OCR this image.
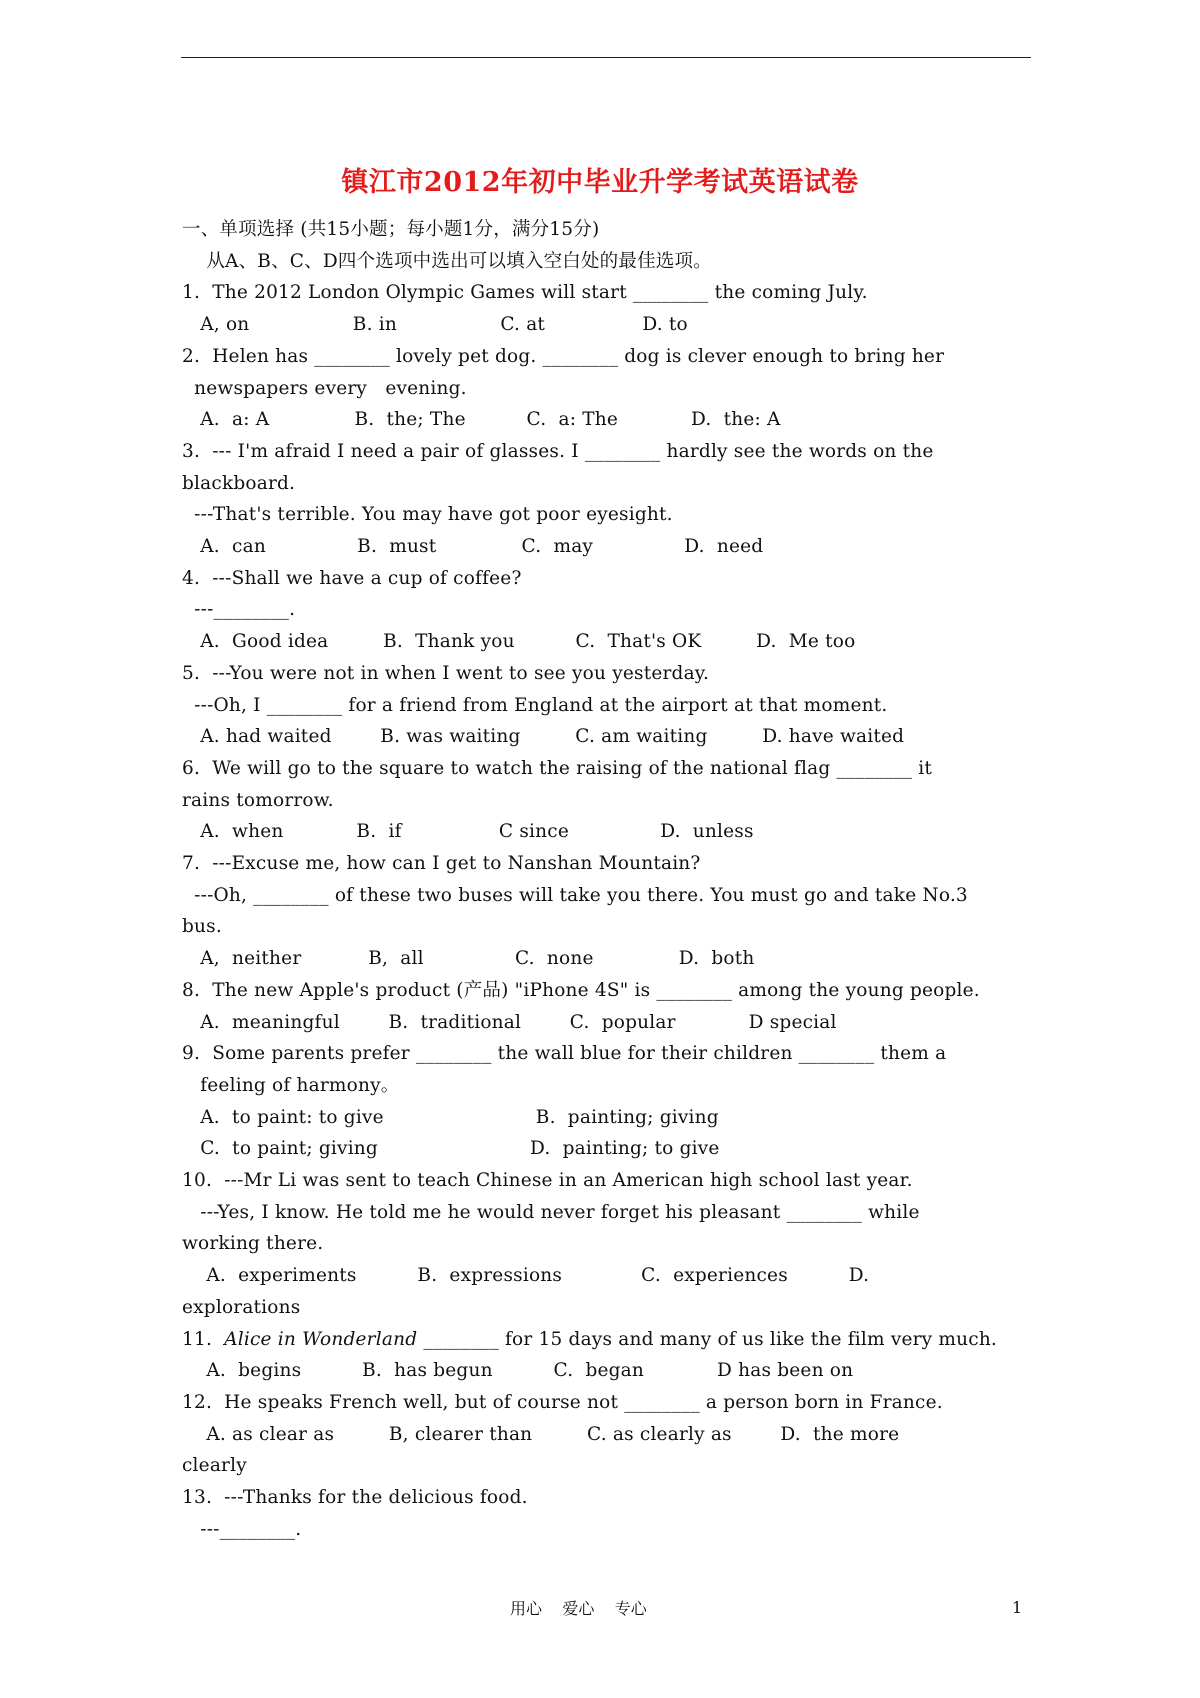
镇江市2012年初中毕业升学考试英语试卷
一、单项选择 (共15小题；每小题1分，满分15分)
从A、B、C、D四个选项中选出可以填入空白处的最佳选项。
1.  The 2012 London Olympic Games will start ________ the coming July.
A, on                 B. in                 C. at                D. to
2.  Helen has ________ lovely pet dog. ________ dog is clever enough to bring her
newspapers every   evening.
A.  a: A              B.  the; The          C.  a: The            D.  the: A
3.  --- I'm afraid I need a pair of glasses. I ________ hardly see the words on the
blackboard.
---That's terrible. You may have got poor eyesight.
A.  can               B.  must              C.  may               D.  need
4.  ---Shall we have a cup of coffee?
---________.
A.  Good idea         B.  Thank you          C.  That's OK         D.  Me too
5.  ---You were not in when I went to see you yesterday.
---Oh, I ________ for a friend from England at the airport at that moment.
A. had waited        B. was waiting         C. am waiting         D. have waited
6.  We will go to the square to watch the raising of the national flag ________ it
rains tomorrow.
A.  when            B.  if                C since               D.  unless
7.  ---Excuse me, how can I get to Nanshan Mountain?
---Oh, ________ of these two buses will take you there. You must go and take No.3
bus.
A,  neither           B,  all               C.  none              D.  both
8.  The new Apple's product (产品) "iPhone 4S" is ________ among the young people.
A.  meaningful        B.  traditional        C.  popular            D special
9.  Some parents prefer ________ the wall blue for their children ________ them a
feeling of harmony。
A.  to paint: to give                         B.  painting; giving
C.  to paint; giving                         D.  painting; to give
10.  ---Mr Li was sent to teach Chinese in an American high school last year.
---Yes, I know. He told me he would never forget his pleasant ________ while
working there.
A.  experiments          B.  expressions             C.  experiences          D.
explorations
11.  Alice in Wonderland ________ for 15 days and many of us like the film very much.
A.  begins          B.  has begun          C.  began            D has been on
12.  He speaks French well, but of course not ________ a person born in France.
A. as clear as         B, clearer than         C. as clearly as        D.  the more
clearly
13.  ---Thanks for the delicious food.
---________.
用心    爱心    专心	1
